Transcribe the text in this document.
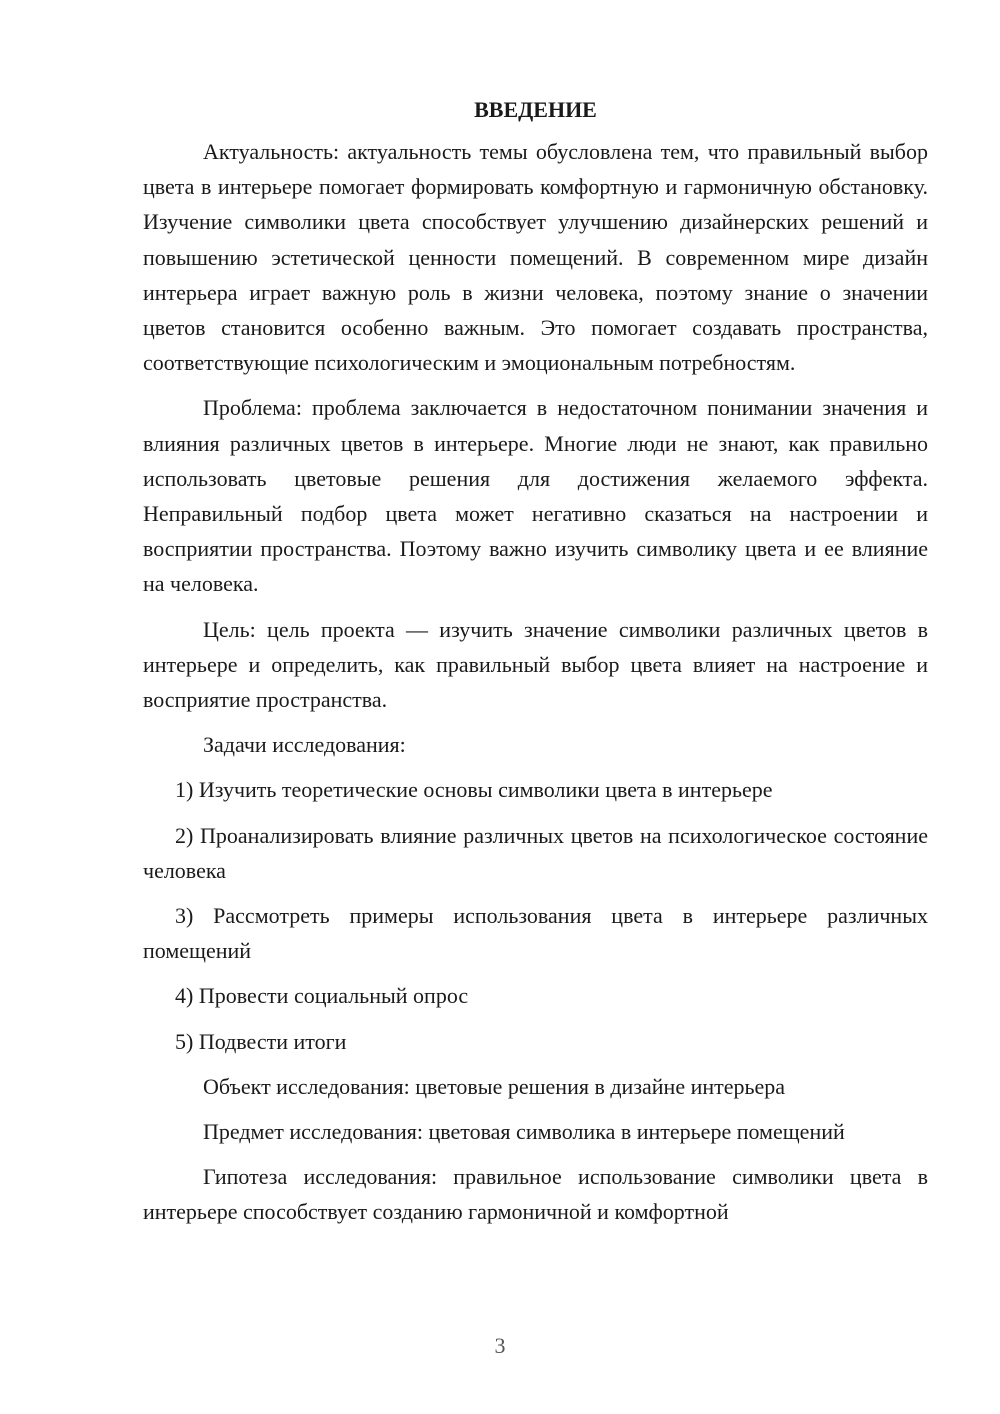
ВВЕДЕНИЕ

Актуальность: актуальность темы обусловлена тем, что правильный выбор цвета в интерьере помогает формировать комфортную и гармоничную обстановку. Изучение символики цвета способствует улучшению дизайнерских решений и повышению эстетической ценности помещений. В современном мире дизайн интерьера играет важную роль в жизни человека, поэтому знание о значении цветов становится особенно важным. Это помогает создавать пространства, соответствующие психологическим и эмоциональным потребностям.

Проблема: проблема заключается в недостаточном понимании значения и влияния различных цветов в интерьере. Многие люди не знают, как правильно использовать цветовые решения для достижения желаемого эффекта. Неправильный подбор цвета может негативно сказаться на настроении и восприятии пространства. Поэтому важно изучить символику цвета и ее влияние на человека.

Цель: цель проекта — изучить значение символики различных цветов в интерьере и определить, как правильный выбор цвета влияет на настроение и восприятие пространства.

Задачи исследования:

1) Изучить теоретические основы символики цвета в интерьере

2) Проанализировать влияние различных цветов на психологическое состояние человека

3) Рассмотреть примеры использования цвета в интерьере различных помещений

4) Провести социальный опрос

5) Подвести итоги

Объект исследования: цветовые решения в дизайне интерьера

Предмет исследования: цветовая символика в интерьере помещений

Гипотеза исследования: правильное использование символики цвета в интерьере способствует созданию гармоничной и комфортной

3
